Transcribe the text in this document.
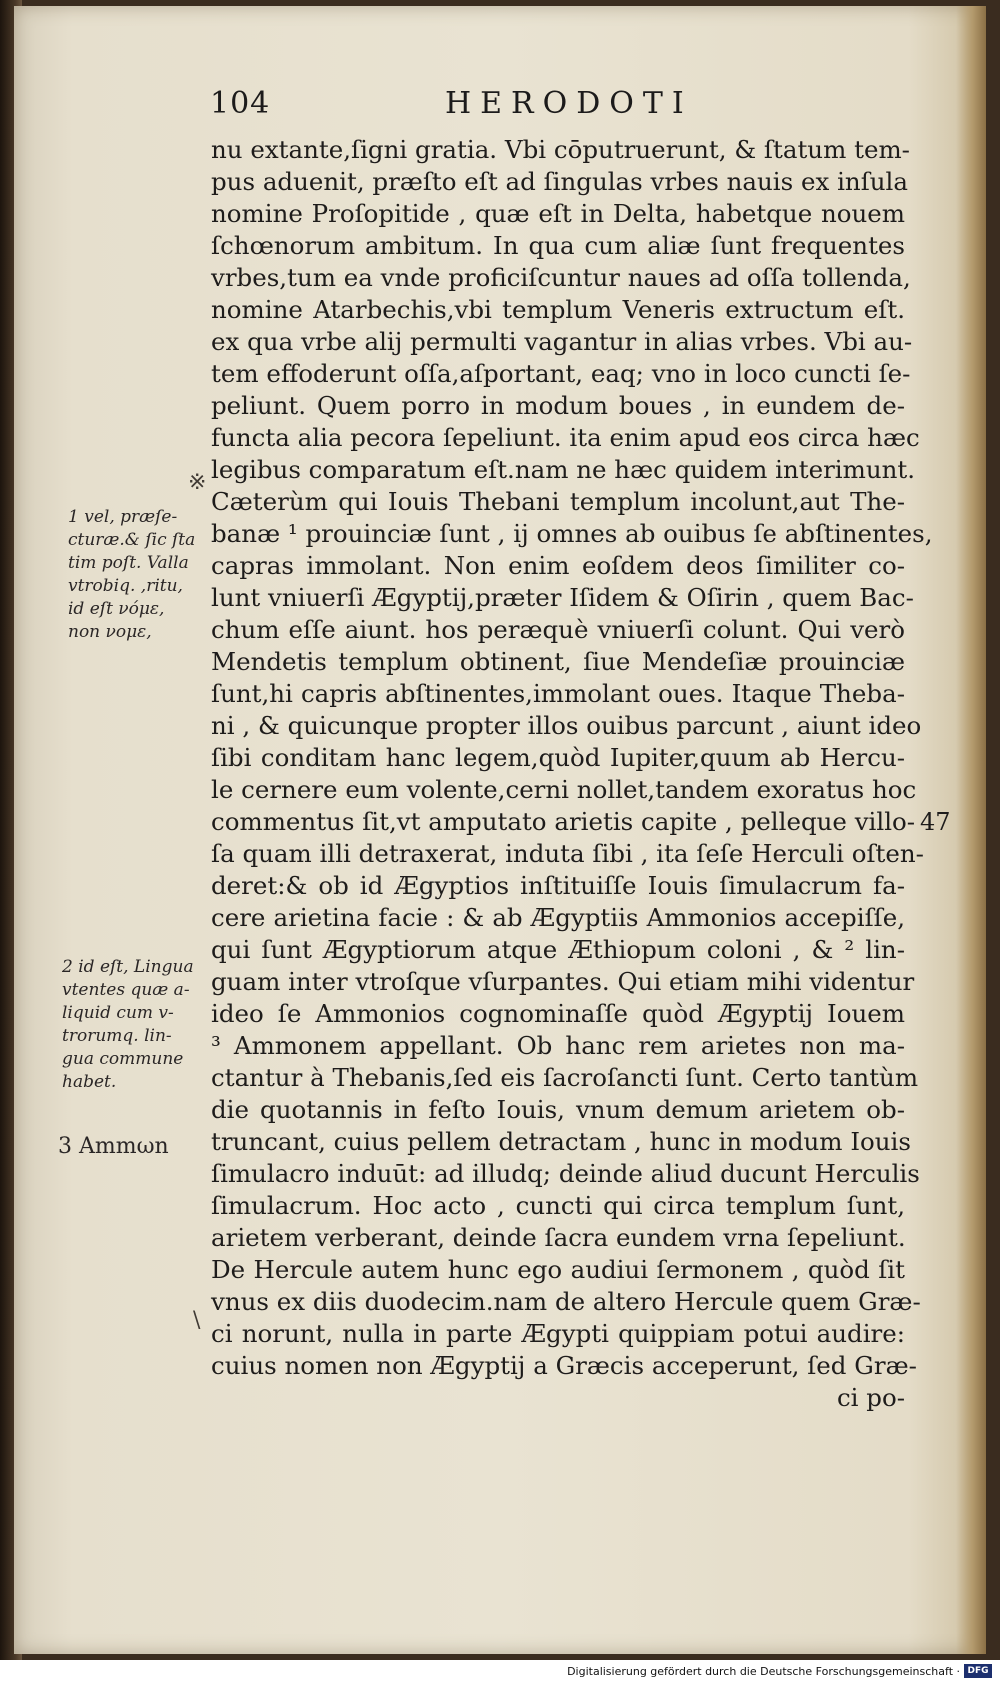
104	HERODOTI
nu extante,ſigni gratia. Vbi cōputruerunt, & ſtatum tem-
pus aduenit, præſto eſt ad ſingulas vrbes nauis ex inſula
nomine Proſopitide , quæ eſt in Delta, habetque nouem
ſchœnorum ambitum. In qua cum aliæ ſunt frequentes
vrbes,tum ea vnde proficiſcuntur naues ad oſſa tollenda,
nomine Atarbechis,vbi templum Veneris extructum eſt.
ex qua vrbe alij permulti vagantur in alias vrbes. Vbi au-
tem effoderunt oſſa,aſportant, eaq; vno in loco cuncti ſe-
peliunt. Quem porro in modum boues , in eundem de-
functa alia pecora ſepeliunt. ita enim apud eos circa hæc
legibus comparatum eſt.nam ne hæc quidem interimunt.
Cæterùm qui Iouis Thebani templum incolunt,aut The-
banæ ¹ prouinciæ ſunt , ij omnes ab ouibus ſe abſtinentes,
capras immolant. Non enim eoſdem deos ſimiliter co-
lunt vniuerſi Ægyptij,præter Iſidem & Oſirin , quem Bac-
chum eſſe aiunt. hos peræquè vniuerſi colunt. Qui verò
Mendetis templum obtinent, ſiue Mendeſiæ prouinciæ
ſunt,hi capris abſtinentes,immolant oues. Itaque Theba-
ni , & quicunque propter illos ouibus parcunt , aiunt ideo
ſibi conditam hanc legem,quòd Iupiter,quum ab Hercu-
le cernere eum volente,cerni nollet,tandem exoratus hoc
commentus ſit,vt amputato arietis capite , pelleque villo-
ſa quam illi detraxerat, induta ſibi , ita ſeſe Herculi oſten-
deret:& ob id Ægyptios inſtituiſſe Iouis ſimulacrum fa-
cere arietina facie : & ab Ægyptiis Ammonios accepiſſe,
qui ſunt Ægyptiorum atque Æthiopum coloni , & ² lin-
guam inter vtroſque vſurpantes. Qui etiam mihi videntur
ideo ſe Ammonios cognominaſſe quòd Ægyptij Iouem
³ Ammonem appellant. Ob hanc rem arietes non ma-
ctantur à Thebanis,ſed eis ſacroſancti ſunt. Certo tantùm
die quotannis in feſto Iouis, vnum demum arietem ob-
truncant, cuius pellem detractam , hunc in modum Iouis
ſimulacro induūt: ad illudq; deinde aliud ducunt Herculis
ſimulacrum. Hoc acto , cuncti qui circa templum ſunt,
arietem verberant, deinde ſacra eundem vrna ſepeliunt.
De Hercule autem hunc ego audiui ſermonem , quòd ſit
vnus ex diis duodecim.nam de altero Hercule quem Græ-
ci norunt, nulla in parte Ægypti quippiam potui audire:
cuius nomen non Ægyptij a Græcis acceperunt, ſed Græ-
ci po-
※
\
1 vel, præſe-
cturæ.& ſic ſta
tim poſt. Valla
vtrobiq. ,ritu,
id eſt νόμε,
non νομε,
2 id eſt, Lingua
vtentes quæ a-
liquid cum v-
trorumq. lin-
gua commune
habet.
3 Ammωn
47
Digitalisierung gefördert durch die Deutsche Forschungsgemeinschaft · DFG
